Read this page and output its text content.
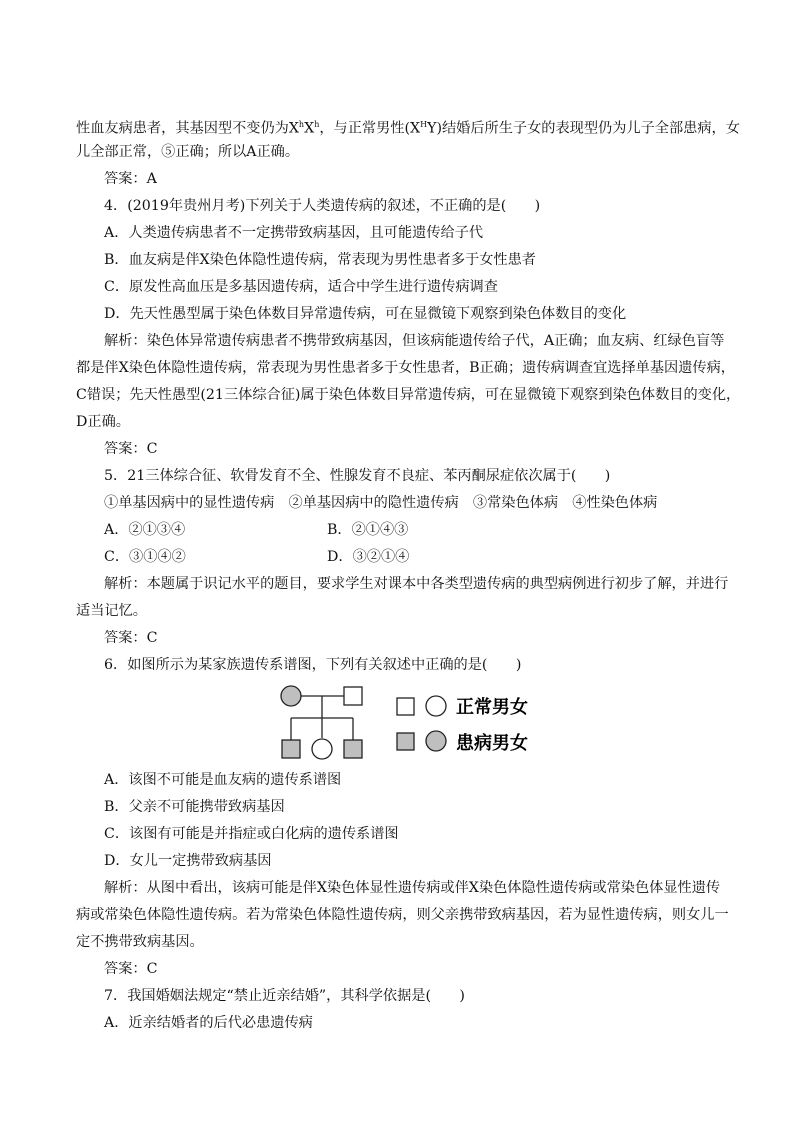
性血友病患者，其基因型不变仍为$X^hX^h$，与正常男性$(X^HY)$结婚后所生子女的表现型仍为儿子全部患病，女
儿全部正常，⑤正确；所以A正确。
答案：A
4．(2019年贵州月考)下列关于人类遗传病的叙述，不正确的是(　　)
A．人类遗传病患者不一定携带致病基因，且可能遗传给子代
B．血友病是伴X染色体隐性遗传病，常表现为男性患者多于女性患者
C．原发性高血压是多基因遗传病，适合中学生进行遗传病调查
D．先天性愚型属于染色体数目异常遗传病，可在显微镜下观察到染色体数目的变化
解析：染色体异常遗传病患者不携带致病基因，但该病能遗传给子代，A正确；血友病、红绿色盲等
都是伴X染色体隐性遗传病，常表现为男性患者多于女性患者，B正确；遗传病调查宜选择单基因遗传病，
C错误；先天性愚型(21三体综合征)属于染色体数目异常遗传病，可在显微镜下观察到染色体数目的变化，
D正确。
答案：C
5．21三体综合征、软骨发育不全、性腺发育不良症、苯丙酮尿症依次属于(　　)
①单基因病中的显性遗传病　②单基因病中的隐性遗传病　③常染色体病　④性染色体病
A．②①③④	B．②①④③
C．③①④②	D．③②①④
解析：本题属于识记水平的题目，要求学生对课本中各类型遗传病的典型病例进行初步了解，并进行
适当记忆。
答案：C
6．如图所示为某家族遗传系谱图，下列有关叙述中正确的是(　　)
正常男女
患病男女
A．该图不可能是血友病的遗传系谱图
B．父亲不可能携带致病基因
C．该图有可能是并指症或白化病的遗传系谱图
D．女儿一定携带致病基因
解析：从图中看出，该病可能是伴X染色体显性遗传病或伴X染色体隐性遗传病或常染色体显性遗传
病或常染色体隐性遗传病。若为常染色体隐性遗传病，则父亲携带致病基因，若为显性遗传病，则女儿一
定不携带致病基因。
答案：C
7．我国婚姻法规定“禁止近亲结婚”，其科学依据是(　　)
A．近亲结婚者的后代必患遗传病
